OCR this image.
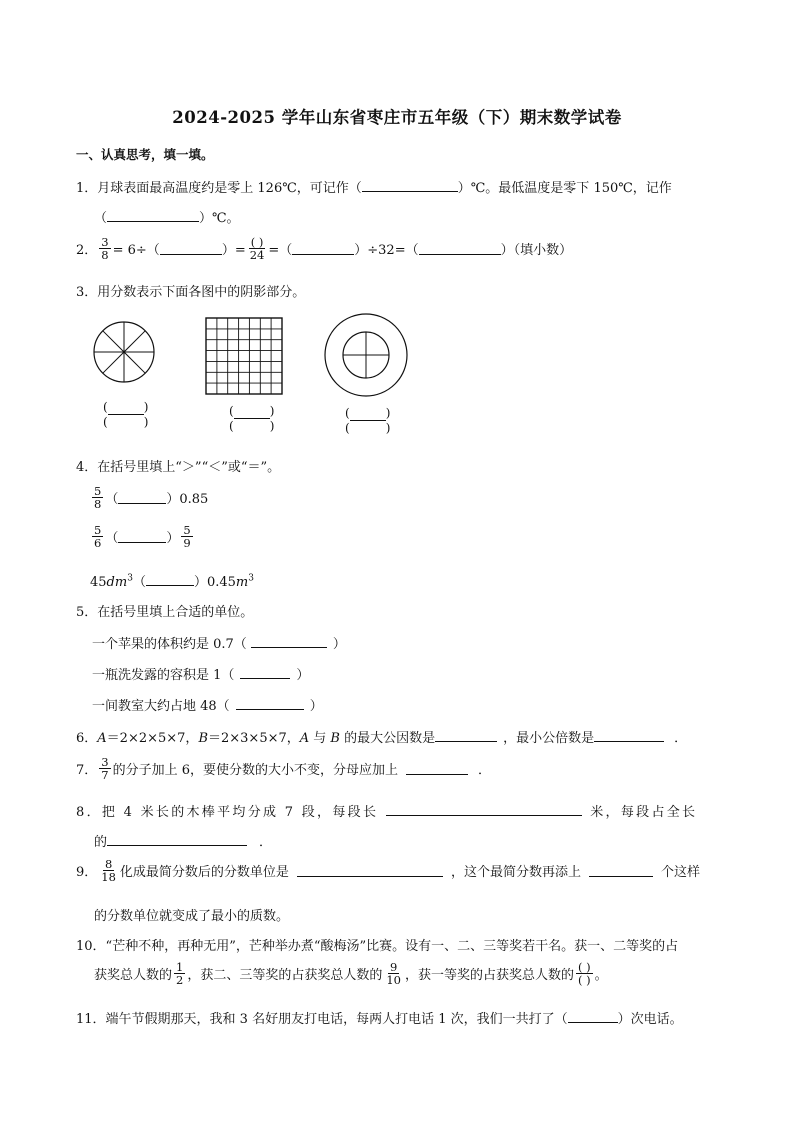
2024-2025 学年山东省枣庄市五年级（下）期末数学试卷
一、认真思考，填一填。
1．月球表面最高温度约是零上 126℃，可记作（	）℃。最低温度是零下 150℃，记作
（	）℃。
2． $\frac{3}{8} = 6\div$（	）= $\frac{( )}{24}$ =（	）÷32=（	）（填小数）
3．用分数表示下面各图中的阴影部分。
(	)
(	)
(	)
(	)
(	)
(	)
4．在括号里填上“＞”“＜”或“＝”。
$\frac{5}{8}$ （	）0.85
$\frac{5}{6}$ （	） $\frac{5}{9}$
$45dm^3$（	）$0.45m^3$
5．在括号里填上合适的单位。
一个苹果的体积约是 0.7（	）
一瓶洗发露的容积是 1（	）
一间教室大约占地 48（	）
6．A＝2×2×5×7，B＝2×3×5×7，A 与 B 的最大公因数是	，最小公倍数是	．
7． $\frac{3}{7}$ 的分子加上 6，要使分数的大小不变，分母应加上	．
8．把 4 米长的木棒平均分成 7 段，每段长	米，每段占全长
的	．
9． $\frac{8}{18}$ 化成最简分数后的分数单位是	，这个最简分数再添上	个这样
的分数单位就变成了最小的质数。
10．“芒种不种，再种无用”，芒种举办煮“酸梅汤”比赛。设有一、二、三等奖若干名。获一、二等奖的占
获奖总人数的 $\frac{1}{2}$ ，获二、三等奖的占获奖总人数的 $\frac{9}{10}$ ，获一等奖的占获奖总人数的 $\frac{( )}{( )}$ 。
11．端午节假期那天，我和 3 名好朋友打电话，每两人打电话 1 次，我们一共打了（	）次电话。
